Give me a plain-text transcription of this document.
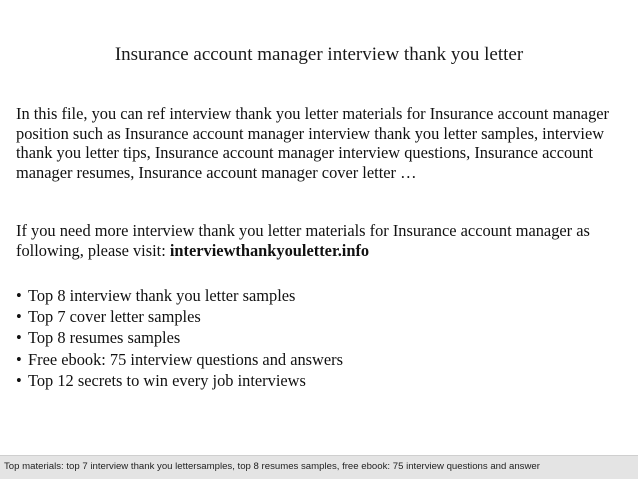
Insurance account manager interview thank you letter

In this file, you can ref interview thank you letter materials for Insurance account manager position such as Insurance account manager interview thank you letter samples, interview thank you letter tips, Insurance account manager interview questions, Insurance account manager resumes, Insurance account manager cover letter …

If you need more interview thank you letter materials for Insurance account manager as following, please visit: interviewthankyouletter.info

• Top 8 interview thank you letter samples
• Top 7 cover letter samples
• Top 8 resumes samples
• Free ebook: 75 interview questions and answers
• Top 12 secrets to win every job interviews
Top materials: top 7 interview thank you lettersamples, top 8 resumes samples, free ebook: 75 interview questions and answer
